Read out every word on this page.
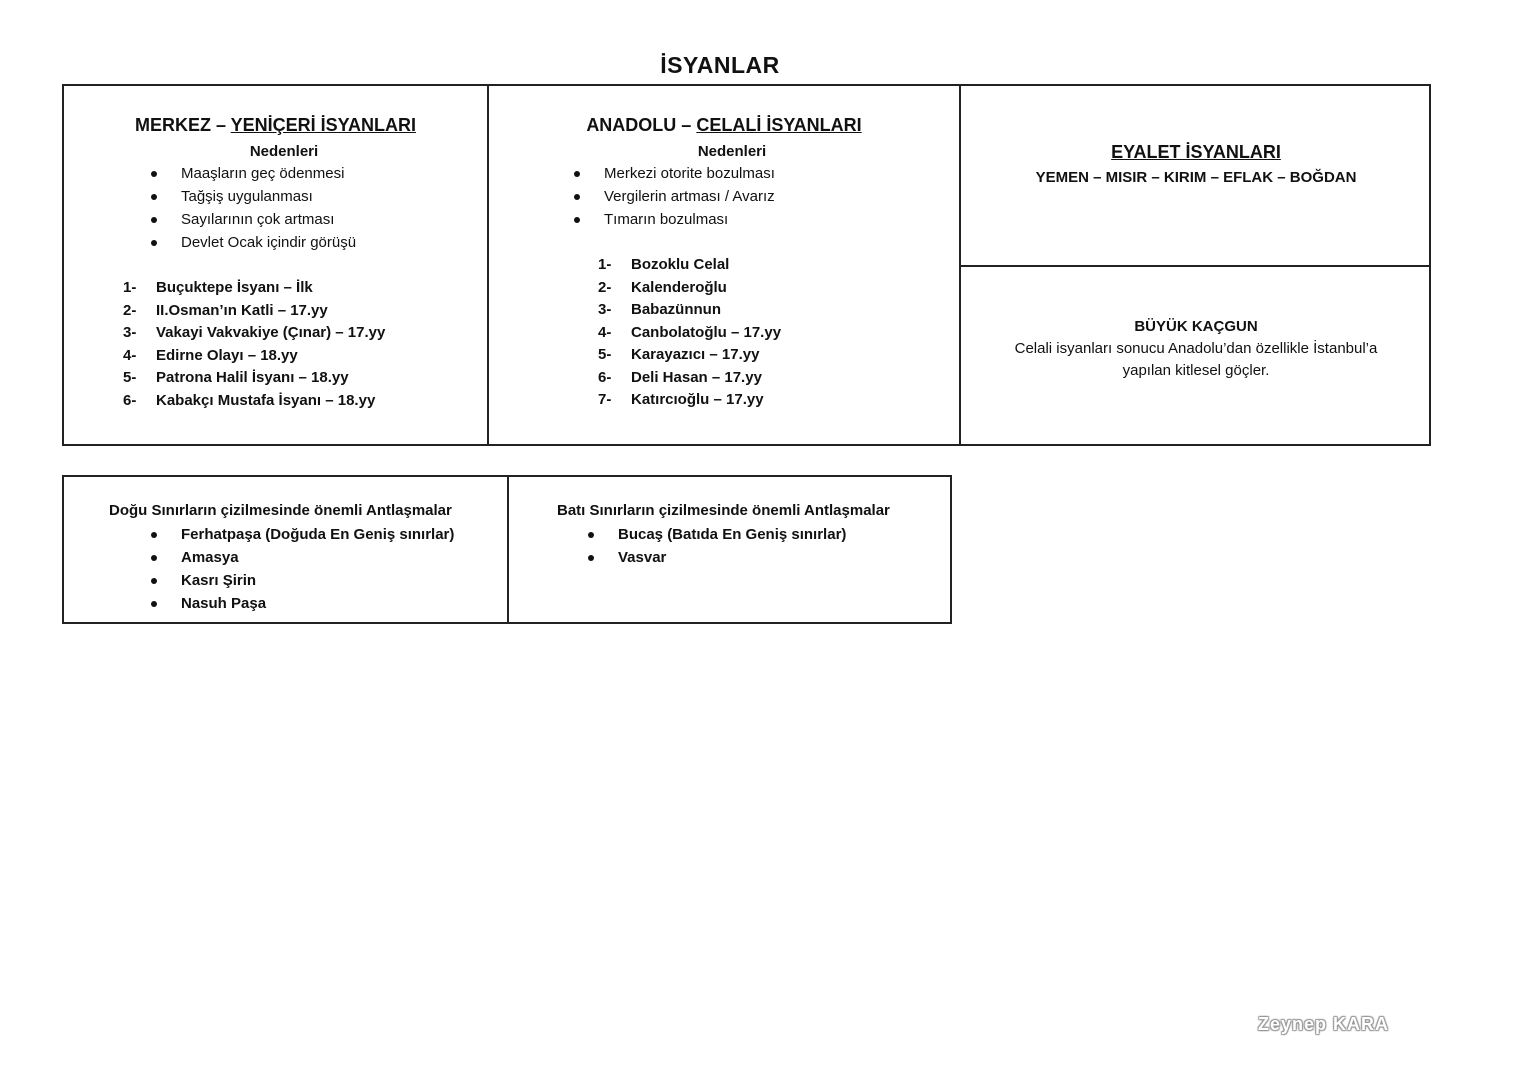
İSYANLAR
MERKEZ – YENİÇERİ İSYANLARI
Nedenleri
Maaşların geç ödenmesi
Tağşiş uygulanması
Sayılarının çok artması
Devlet Ocak içindir görüşü
1- Buçuktepe İsyanı – İlk
2- II.Osman’ın Katli – 17.yy
3- Vakayi Vakvakiye (Çınar) – 17.yy
4- Edirne Olayı – 18.yy
5- Patrona Halil İsyanı – 18.yy
6- Kabakçı Mustafa İsyanı – 18.yy
ANADOLU – CELALİ İSYANLARI
Nedenleri
Merkezi otorite bozulması
Vergilerin artması / Avarız
Tımarın bozulması
1- Bozoklu Celal
2- Kalenderoğlu
3- Babazünnun
4- Canbolatoğlu – 17.yy
5- Karayazıcı – 17.yy
6- Deli Hasan – 17.yy
7- Katırcıoğlu – 17.yy
EYALET İSYANLARI
YEMEN – MISIR – KIRIM – EFLAK – BOĞDAN
BÜYÜK KAÇGUN
Celali isyanları sonucu Anadolu’dan özellikle İstanbul’a
yapılan kitlesel göçler.
Doğu Sınırların çizilmesinde önemli Antlaşmalar
Ferhatpaşa (Doğuda En Geniş sınırlar)
Amasya
Kasrı Şirin
Nasuh Paşa
Batı Sınırların çizilmesinde önemli Antlaşmalar
Bucaş (Batıda En Geniş sınırlar)
Vasvar
Zeynep KARA
